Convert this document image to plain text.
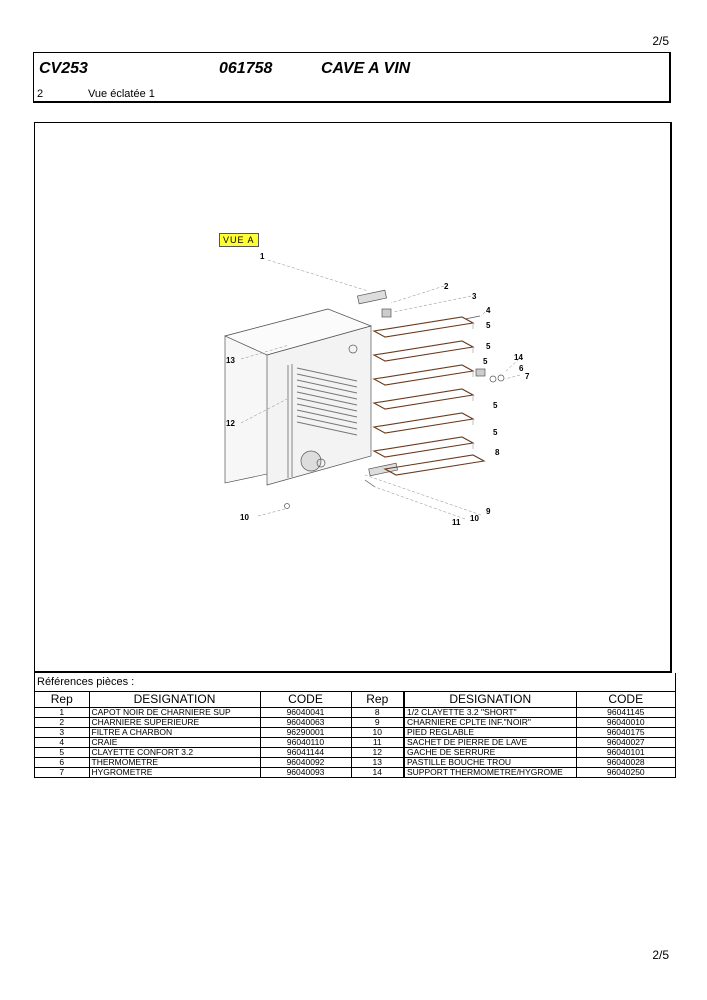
2/5
CV253	061758	CAVE A VIN
2	Vue éclatée 1
VUE A
1
2
3
4
5
5
5	14
6
7
13
12
5
5
8
9
10
11 10
Références pièces :
Rep	DESIGNATION	CODE	Rep	DESIGNATION	CODE
1	CAPOT NOIR DE CHARNIERE SUP	96040041	8	1/2 CLAYETTE 3.2 "SHORT"	96041145
2	CHARNIERE SUPERIEURE	96040063	9	CHARNIERE CPLTE INF."NOIR"	96040010
3	FILTRE A CHARBON	96290001	10	PIED REGLABLE	96040175
4	CRAIE	96040110	11	SACHET DE PIERRE DE LAVE	96040027
5	CLAYETTE CONFORT 3.2	96041144	12	GACHE DE SERRURE	96040101
6	THERMOMETRE	96040092	13	PASTILLE BOUCHE TROU	96040028
7	HYGROMETRE	96040093	14	SUPPORT THERMOMETRE/HYGROME	96040250
2/5
